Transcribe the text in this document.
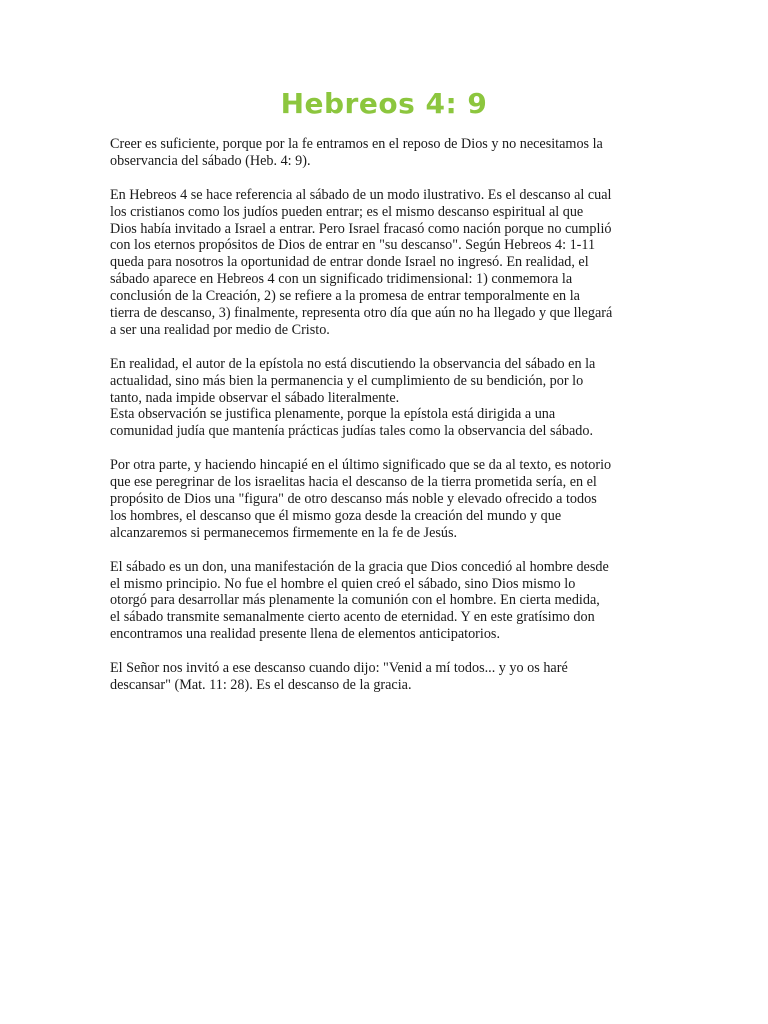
Hebreos 4: 9

Creer es suficiente, porque por la fe entramos en el reposo de Dios y no necesitamos la
observancia del sábado (Heb. 4: 9).

En Hebreos 4 se hace referencia al sábado de un modo ilustrativo. Es el descanso al cual
los cristianos como los judíos pueden entrar; es el mismo descanso espiritual al que
Dios había invitado a Israel a entrar. Pero Israel fracasó como nación porque no cumplió
con los eternos propósitos de Dios de entrar en "su descanso". Según Hebreos 4: 1-11
queda para nosotros la oportunidad de entrar donde Israel no ingresó. En realidad, el
sábado aparece en Hebreos 4 con un significado tridimensional: 1) conmemora la
conclusión de la Creación, 2) se refiere a la promesa de entrar temporalmente en la
tierra de descanso, 3) finalmente, representa otro día que aún no ha llegado y que llegará
a ser una realidad por medio de Cristo.

En realidad, el autor de la epístola no está discutiendo la observancia del sábado en la
actualidad, sino más bien la permanencia y el cumplimiento de su bendición, por lo
tanto, nada impide observar el sábado literalmente.
Esta observación se justifica plenamente, porque la epístola está dirigida a una
comunidad judía que mantenía prácticas judías tales como la observancia del sábado.

Por otra parte, y haciendo hincapié en el último significado que se da al texto, es notorio
que ese peregrinar de los israelitas hacia el descanso de la tierra prometida sería, en el
propósito de Dios una "figura" de otro descanso más noble y elevado ofrecido a todos
los hombres, el descanso que él mismo goza desde la creación del mundo y que
alcanzaremos si permanecemos firmemente en la fe de Jesús.

El sábado es un don, una manifestación de la gracia que Dios concedió al hombre desde
el mismo principio. No fue el hombre el quien creó el sábado, sino Dios mismo lo
otorgó para desarrollar más plenamente la comunión con el hombre. En cierta medida,
el sábado transmite semanalmente cierto acento de eternidad. Y en este gratísimo don
encontramos una realidad presente llena de elementos anticipatorios.

El Señor nos invitó a ese descanso cuando dijo: "Venid a mí todos... y yo os haré
descansar" (Mat. 11: 28). Es el descanso de la gracia.
